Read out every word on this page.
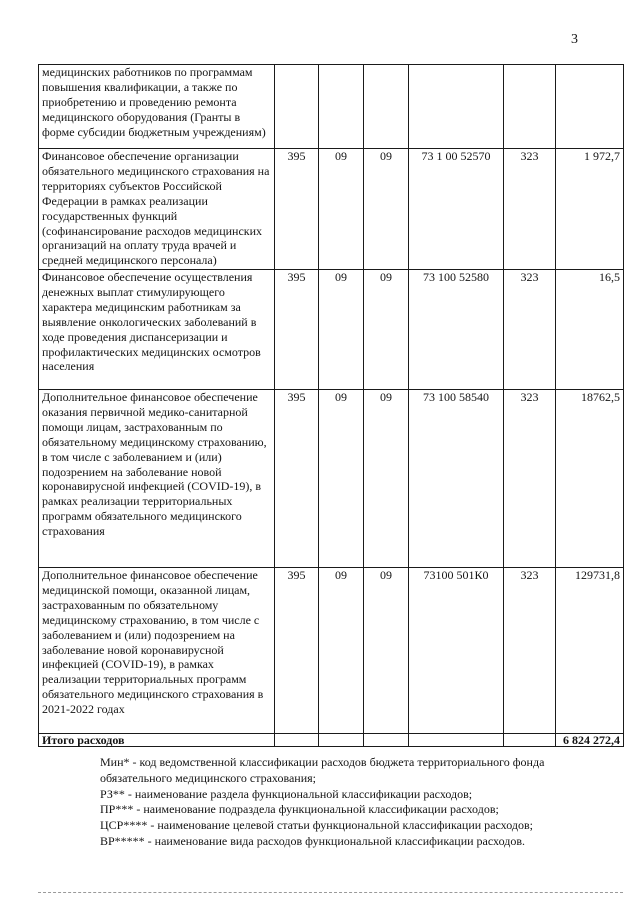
3
медицинских работников по программам повышения квалификации, а также по приобретению и проведению ремонта медицинского оборудования (Гранты в форме субсидии бюджетным учреждениям)						
Финансовое обеспечение организации обязательного медицинского страхования на территориях субъектов Российской Федерации в рамках реализации государственных функций (софинансирование расходов медицинских организаций на оплату труда врачей и средней медицинского персонала)	395	09	09	73 1 00 52570	323	1 972,7
Финансовое обеспечение осуществления денежных выплат стимулирующего характера медицинским работникам за выявление онкологических заболеваний в ходе проведения диспансеризации и профилактических медицинских осмотров населения	395	09	09	73 100 52580	323	16,5
Дополнительное финансовое обеспечение оказания первичной медико-санитарной помощи лицам, застрахованным по обязательному медицинскому страхованию, в том числе с заболеванием и (или) подозрением на заболевание новой коронавирусной инфекцией (COVID-19), в рамках реализации территориальных программ обязательного медицинского страхования	395	09	09	73 100 58540	323	18762,5
Дополнительное финансовое обеспечение медицинской помощи, оказанной лицам, застрахованным по обязательному медицинскому страхованию, в том числе с заболеванием и (или) подозрением на заболевание новой коронавирусной инфекцией (COVID-19), в рамках реализации территориальных программ обязательного медицинского страхования в 2021-2022 годах	395	09	09	73100 501К0	323	129731,8
Итого расходов						6 824 272,4
Мин* - код ведомственной классификации расходов бюджета территориального фонда
обязательного медицинского страхования;
РЗ** - наименование раздела функциональной классификации расходов;
ПР*** - наименование подраздела функциональной классификации расходов;
ЦСР**** - наименование целевой статьи функциональной классификации расходов;
ВР***** - наименование вида расходов функциональной классификации расходов.
